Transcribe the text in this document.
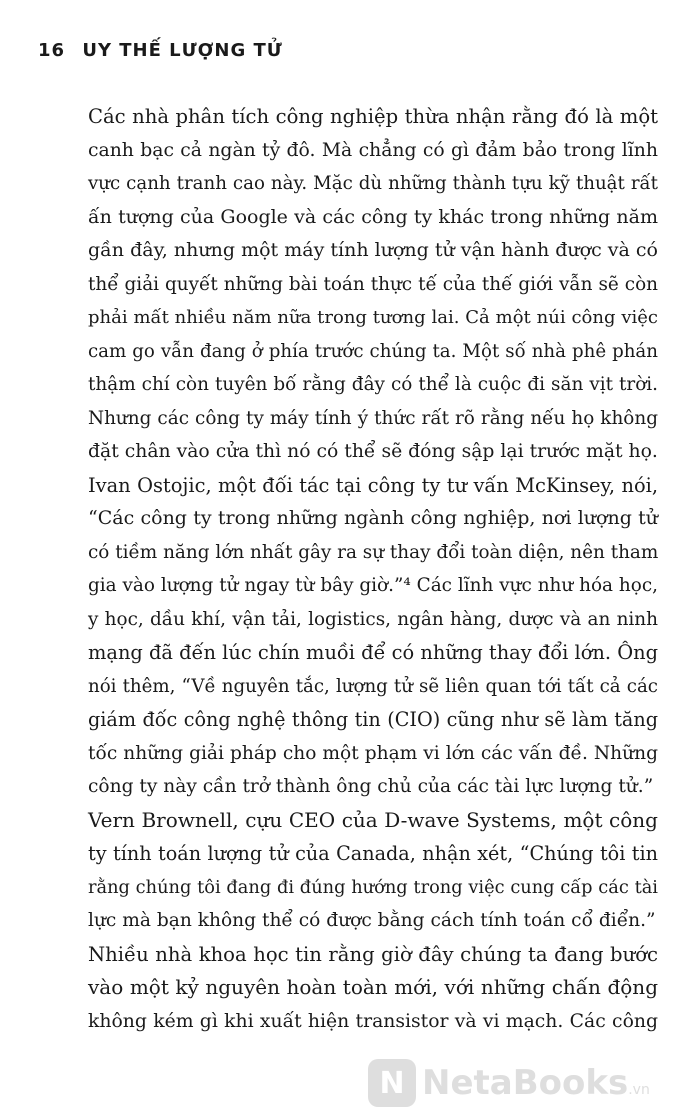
16 UY THẾ LƯỢNG TỬ
Các nhà phân tích công nghiệp thừa nhận rằng đó là một
canh bạc cả ngàn tỷ đô. Mà chẳng có gì đảm bảo trong lĩnh
vực cạnh tranh cao này. Mặc dù những thành tựu kỹ thuật rất
ấn tượng của Google và các công ty khác trong những năm
gần đây, nhưng một máy tính lượng tử vận hành được và có
thể giải quyết những bài toán thực tế của thế giới vẫn sẽ còn
phải mất nhiều năm nữa trong tương lai. Cả một núi công việc
cam go vẫn đang ở phía trước chúng ta. Một số nhà phê phán
thậm chí còn tuyên bố rằng đây có thể là cuộc đi săn vịt trời.
Nhưng các công ty máy tính ý thức rất rõ rằng nếu họ không
đặt chân vào cửa thì nó có thể sẽ đóng sập lại trước mặt họ.
Ivan Ostojic, một đối tác tại công ty tư vấn McKinsey, nói,
“Các công ty trong những ngành công nghiệp, nơi lượng tử
có tiềm năng lớn nhất gây ra sự thay đổi toàn diện, nên tham
gia vào lượng tử ngay từ bây giờ.”⁴ Các lĩnh vực như hóa học,
y học, dầu khí, vận tải, logistics, ngân hàng, dược và an ninh
mạng đã đến lúc chín muồi để có những thay đổi lớn. Ông
nói thêm, “Về nguyên tắc, lượng tử sẽ liên quan tới tất cả các
giám đốc công nghệ thông tin (CIO) cũng như sẽ làm tăng
tốc những giải pháp cho một phạm vi lớn các vấn đề. Những
công ty này cần trở thành ông chủ của các tài lực lượng tử.”
Vern Brownell, cựu CEO của D-wave Systems, một công
ty tính toán lượng tử của Canada, nhận xét, “Chúng tôi tin
rằng chúng tôi đang đi đúng hướng trong việc cung cấp các tài
lực mà bạn không thể có được bằng cách tính toán cổ điển.”
Nhiều nhà khoa học tin rằng giờ đây chúng ta đang bước
vào một kỷ nguyên hoàn toàn mới, với những chấn động
không kém gì khi xuất hiện transistor và vi mạch. Các công
N NetaBooks.vn
